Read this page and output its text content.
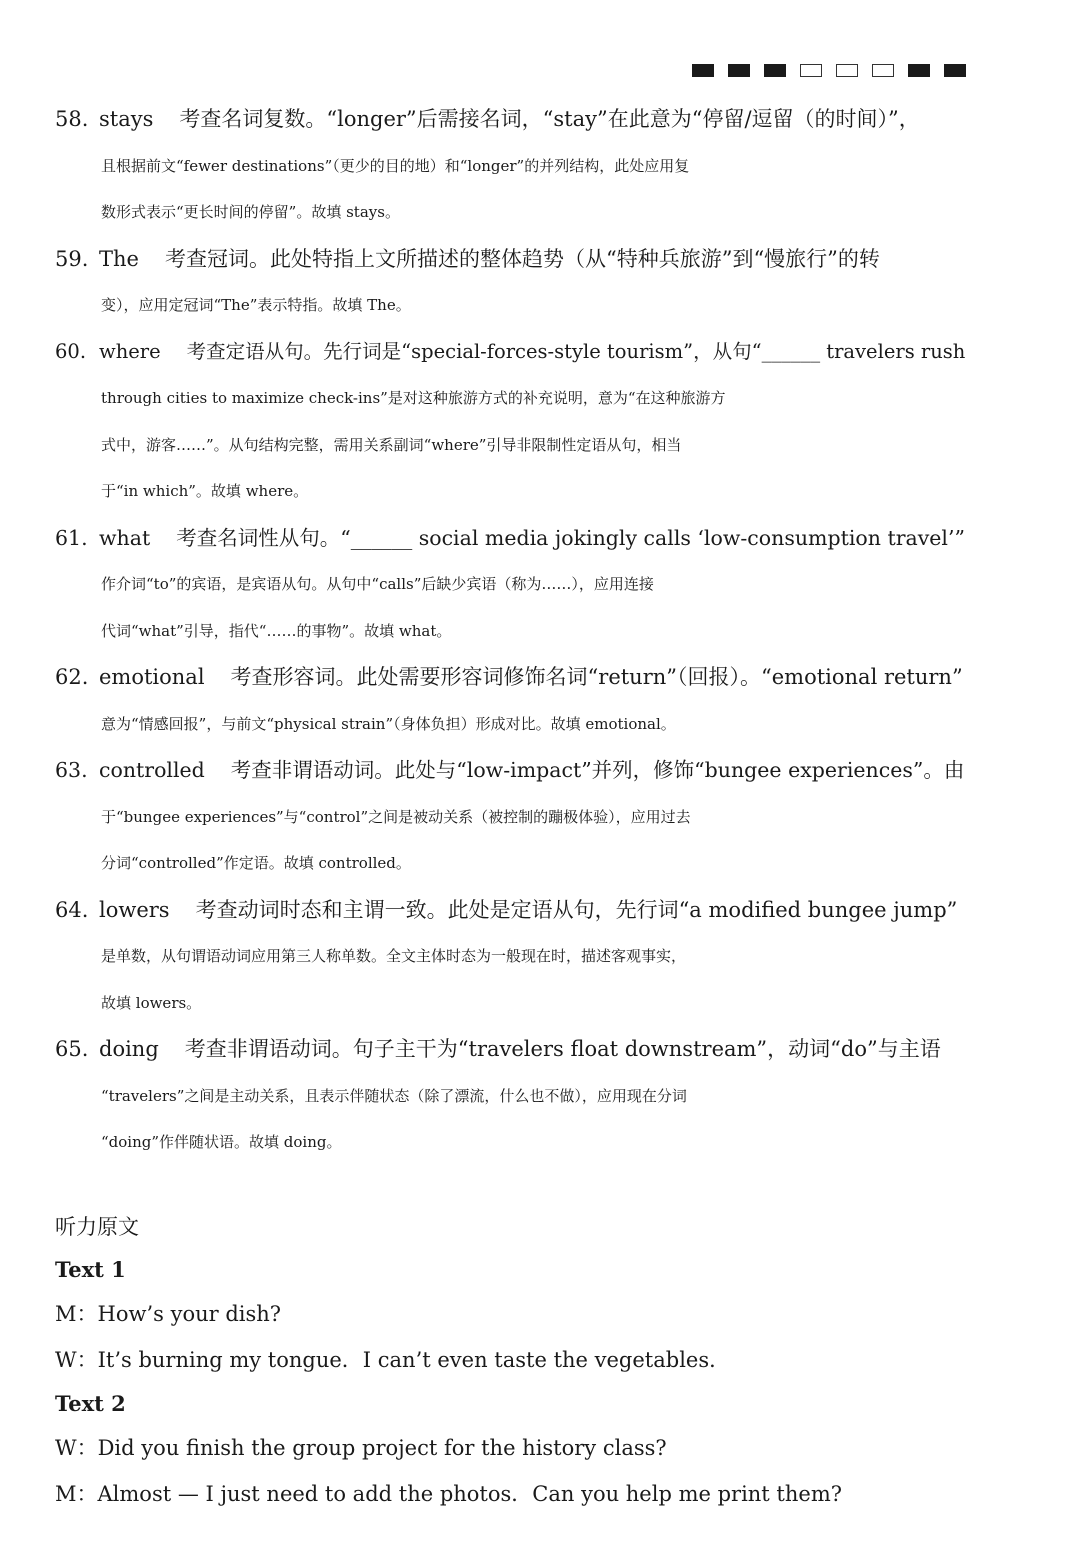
58. stays 考查名词复数。“longer”后需接名词，“stay”在此意为“停留/逗留（的时间）”，
且根据前文“fewer destinations”（更少的目的地）和“longer”的并列结构，此处应用复
数形式表示“更长时间的停留”。故填 stays。

59. The 考查冠词。此处特指上文所描述的整体趋势（从“特种兵旅游”到“慢旅行”的转
变），应用定冠词“The”表示特指。故填 The。

60. where 考查定语从句。先行词是“special-forces-style tourism”，从句“______ travelers rush
through cities to maximize check-ins”是对这种旅游方式的补充说明，意为“在这种旅游方
式中，游客……”。从句结构完整，需用关系副词“where”引导非限制性定语从句，相当
于“in which”。故填 where。

61. what 考查名词性从句。“______ social media jokingly calls ‘low-consumption travel’”
作介词“to”的宾语，是宾语从句。从句中“calls”后缺少宾语（称为……），应用连接
代词“what”引导，指代“……的事物”。故填 what。

62. emotional 考查形容词。此处需要形容词修饰名词“return”（回报）。“emotional return”
意为“情感回报”，与前文“physical strain”（身体负担）形成对比。故填 emotional。

63. controlled 考查非谓语动词。此处与“low-impact”并列，修饰“bungee experiences”。由
于“bungee experiences”与“control”之间是被动关系（被控制的蹦极体验），应用过去
分词“controlled”作定语。故填 controlled。

64. lowers 考查动词时态和主谓一致。此处是定语从句，先行词“a modified bungee jump”
是单数，从句谓语动词应用第三人称单数。全文主体时态为一般现在时，描述客观事实，
故填 lowers。

65. doing 考查非谓语动词。句子主干为“travelers float downstream”，动词“do”与主语
“travelers”之间是主动关系，且表示伴随状态（除了漂流，什么也不做），应用现在分词
“doing”作伴随状语。故填 doing。

听力原文

Text 1

M：How’s your dish?

W：It’s burning my tongue．I can’t even taste the vegetables．

Text 2

W：Did you finish the group project for the history class?

M：Almost — I just need to add the photos．Can you help me print them?
